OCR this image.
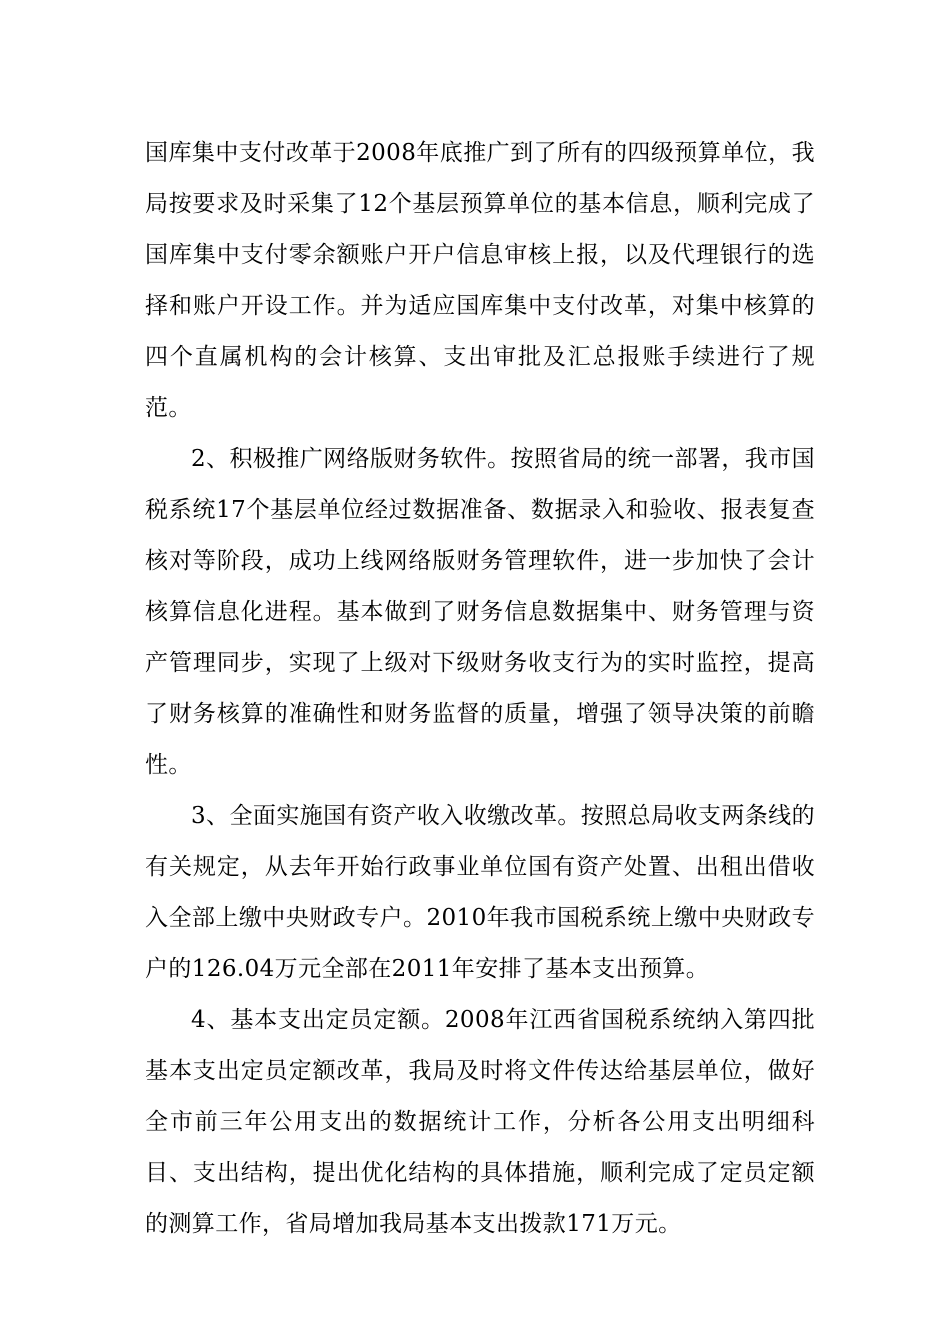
国库集中支付改革于2008年底推广到了所有的四级预算单位，我局按要求及时采集了12个基层预算单位的基本信息，顺利完成了国库集中支付零余额账户开户信息审核上报，以及代理银行的选择和账户开设工作。并为适应国库集中支付改革，对集中核算的四个直属机构的会计核算、支出审批及汇总报账手续进行了规范。

2、积极推广网络版财务软件。按照省局的统一部署，我市国税系统17个基层单位经过数据准备、数据录入和验收、报表复查核对等阶段，成功上线网络版财务管理软件，进一步加快了会计核算信息化进程。基本做到了财务信息数据集中、财务管理与资产管理同步，实现了上级对下级财务收支行为的实时监控，提高了财务核算的准确性和财务监督的质量，增强了领导决策的前瞻性。

3、全面实施国有资产收入收缴改革。按照总局收支两条线的有关规定，从去年开始行政事业单位国有资产处置、出租出借收入全部上缴中央财政专户。2010年我市国税系统上缴中央财政专户的126.04万元全部在2011年安排了基本支出预算。

4、基本支出定员定额。2008年江西省国税系统纳入第四批基本支出定员定额改革，我局及时将文件传达给基层单位，做好全市前三年公用支出的数据统计工作，分析各公用支出明细科目、支出结构，提出优化结构的具体措施，顺利完成了定员定额的测算工作，省局增加我局基本支出拨款171万元。
